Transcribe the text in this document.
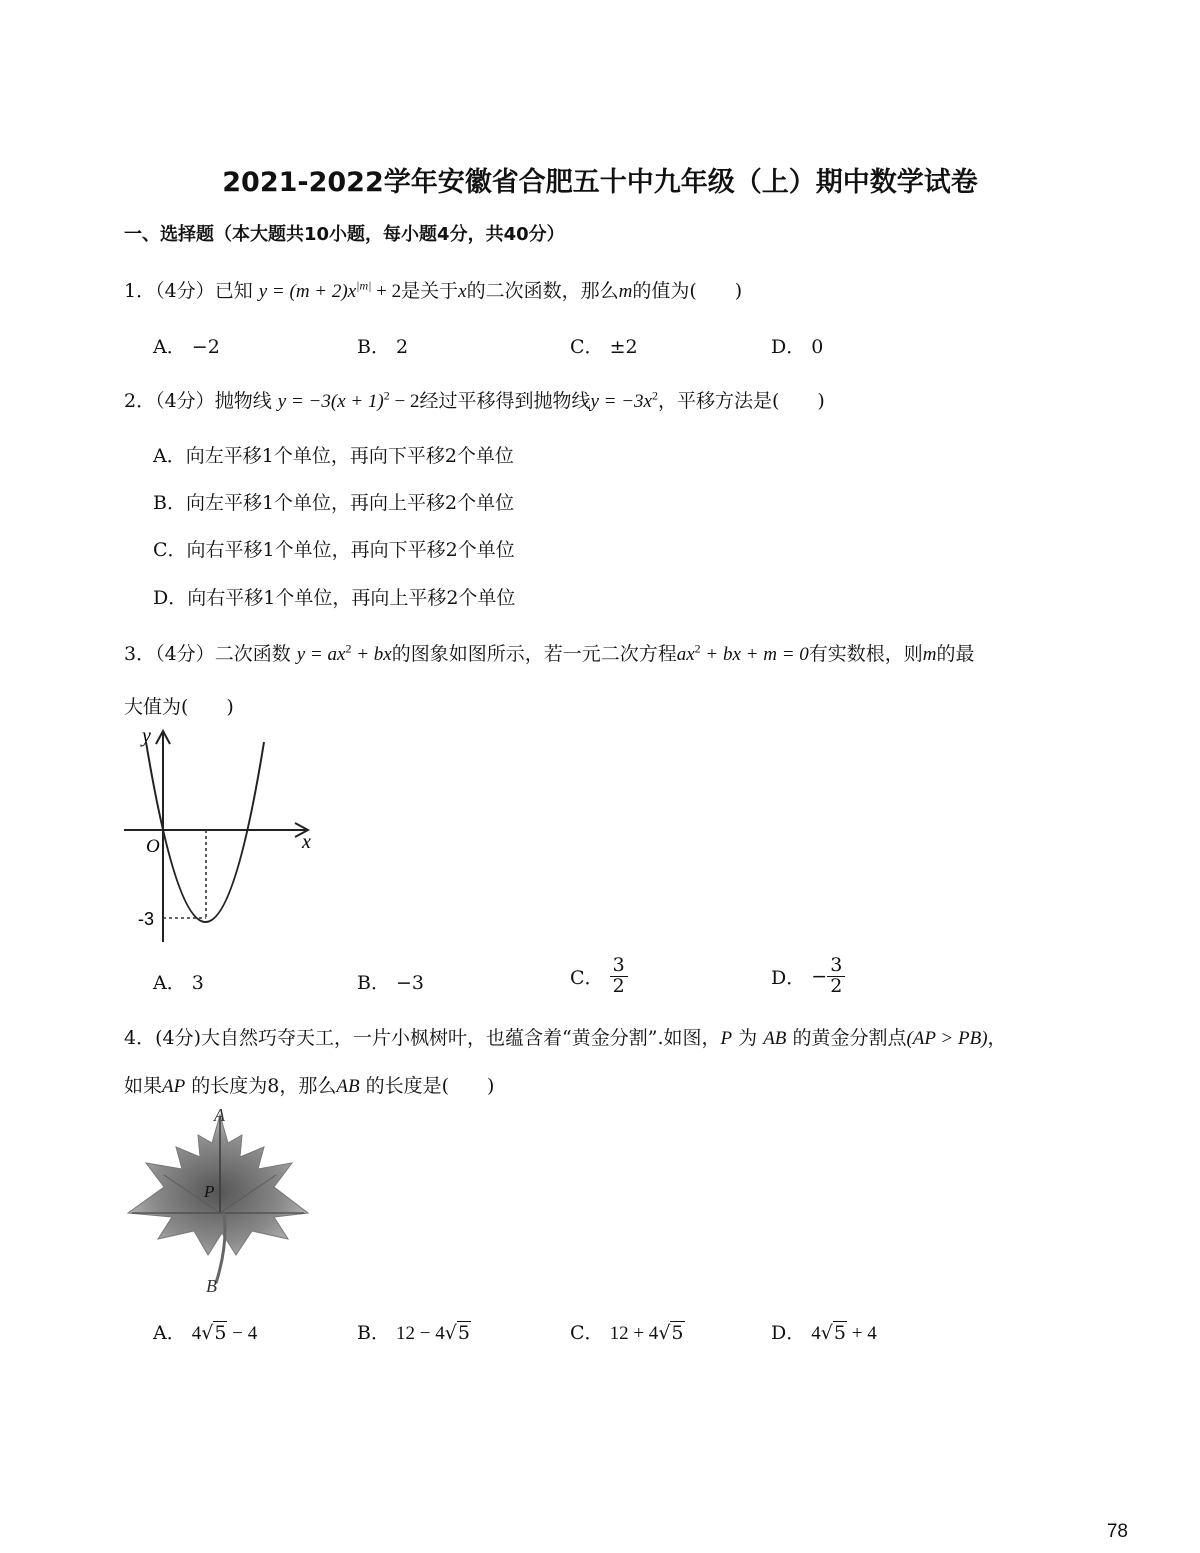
2021-2022学年安徽省合肥五十中九年级（上）期中数学试卷
一、选择题（本大题共10小题，每小题4分，共40分）
1．（4分）已知 $y = (m + 2)x^{|m|} + 2$是关于x的二次函数，那么m的值为(　　)
A． −2	B． 2	C． ±2	D． 0
2．（4分）抛物线 $y = -3(x + 1)^2 - 2$经过平移得到抛物线$y = -3x^2$，平移方法是(　　)
A．向左平移1个单位，再向下平移2个单位
B．向左平移1个单位，再向上平移2个单位
C．向右平移1个单位，再向下平移2个单位
D．向右平移1个单位，再向上平移2个单位
3．（4分）二次函数 $y = ax^2$ + bx的图象如图所示，若一元二次方程$ax^2$ + bx + m = 0有实数根，则m的最
大值为(　　)
y
x
O
-3
A． 3	B． −3	C． $\frac{3}{2}$	D． − $\frac{3}{2}$
4．(4分)大自然巧夺天工，一片小枫树叶，也蕴含着“黄金分割”.如图，P 为 AB 的黄金分割点(AP > PB)，
如果AP 的长度为8，那么AB 的长度是(　　)
A
P
B
A． 4√5 − 4	B． 12 − 4√5	C． 12 + 4√5	D． 4√5 + 4
78
